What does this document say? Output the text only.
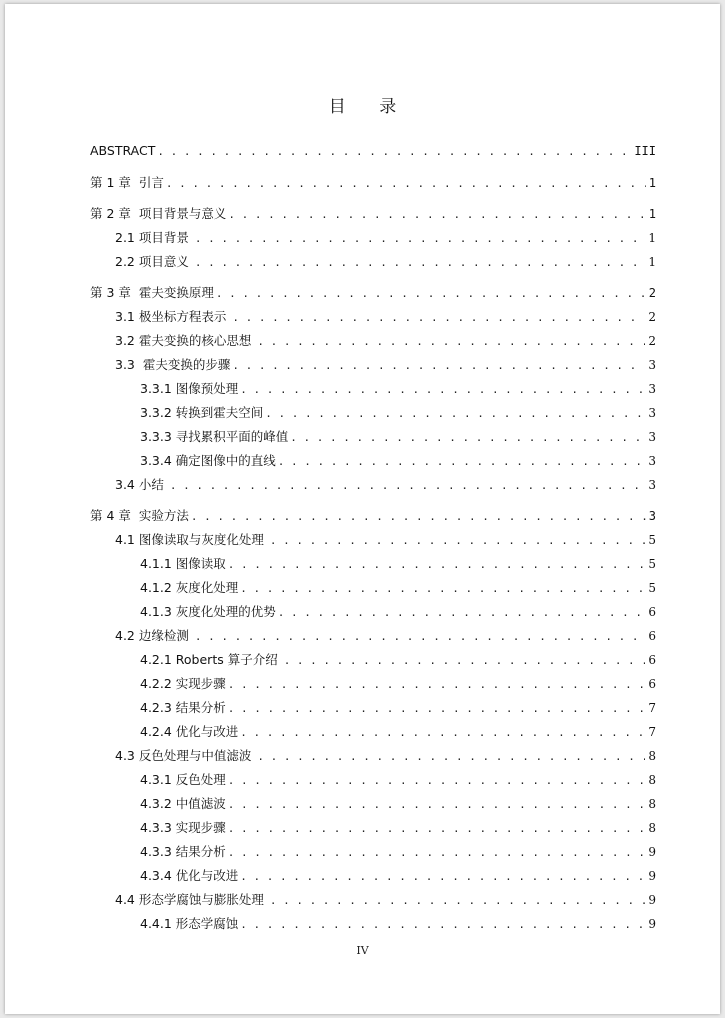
目 录
ABSTRACT . . .	III
第 1 章  引言 . . .	1
第 2 章  项目背景与意义 . . .	1
2.1 项目背景 . . .	1
2.2 项目意义 . . .	1
第 3 章  霍夫变换原理 . . .	2
3.1 极坐标方程表示 . . .	2
3.2 霍夫变换的核心思想 . . .	2
3.3  霍夫变换的步骤 . . .	3
3.3.1 图像预处理 . . .	3
3.3.2 转换到霍夫空间 . . .	3
3.3.3 寻找累积平面的峰值 . . .	3
3.3.4 确定图像中的直线 . . .	3
3.4 小结 . . .	3
第 4 章  实验方法 . . .	3
4.1 图像读取与灰度化处理 . . .	5
4.1.1 图像读取 . . .	5
4.1.2 灰度化处理 . . .	5
4.1.3 灰度化处理的优势 . . .	6
4.2 边缘检测 . . .	6
4.2.1 Roberts 算子介绍 . . .	6
4.2.2 实现步骤 . . .	6
4.2.3 结果分析 . . .	7
4.2.4 优化与改进 . . .	7
4.3 反色处理与中值滤波 . . .	8
4.3.1 反色处理 . . .	8
4.3.2 中值滤波 . . .	8
4.3.3 实现步骤 . . .	8
4.3.3 结果分析 . . .	9
4.3.4 优化与改进 . . .	9
4.4 形态学腐蚀与膨胀处理 . . .	9
4.4.1 形态学腐蚀 . . .	9
IV
